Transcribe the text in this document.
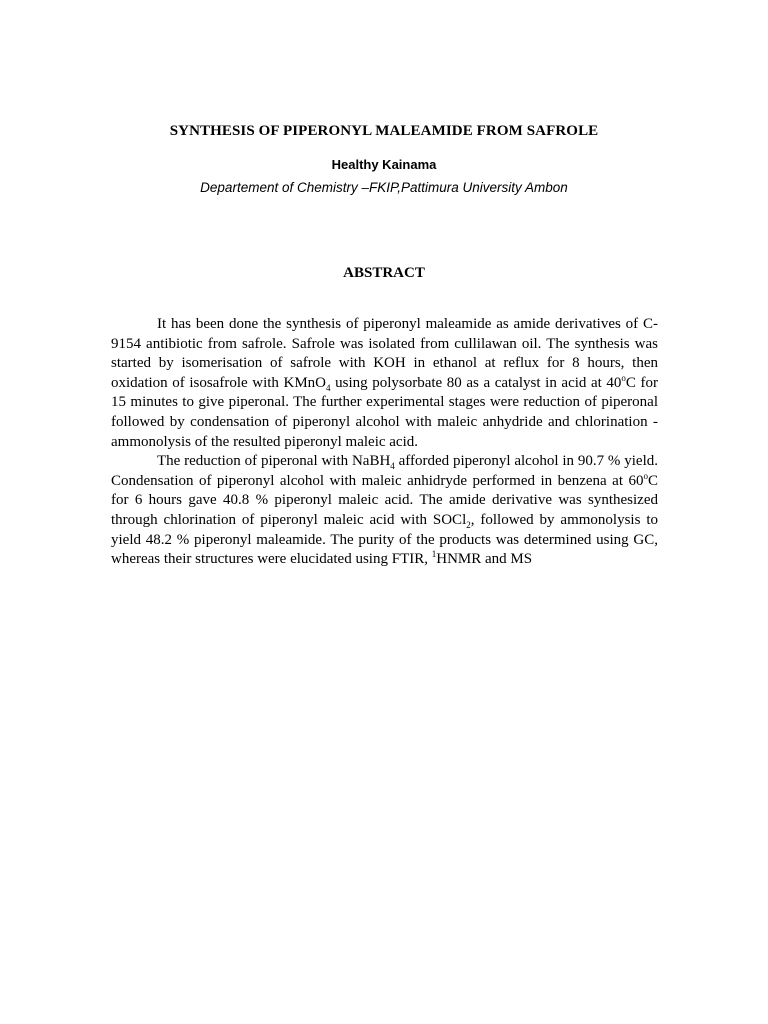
SYNTHESIS OF PIPERONYL MALEAMIDE FROM SAFROLE
Healthy Kainama
Departement of Chemistry –FKIP,Pattimura University Ambon
ABSTRACT

It has been done the synthesis of piperonyl maleamide as amide derivatives of C-9154 antibiotic from safrole. Safrole was isolated from cullilawan oil. The synthesis was started by isomerisation of safrole with KOH in ethanol at reflux for 8 hours, then oxidation of isosafrole with KMnO$_4$ using polysorbate 80 as a catalyst in acid at 40$^o$C for 15 minutes to give piperonal. The further experimental stages were reduction of piperonal followed by condensation of piperonyl alcohol with maleic anhydride and chlorination - ammonolysis of the resulted piperonyl maleic acid.

The reduction of piperonal with NaBH$_4$ afforded piperonyl alcohol in 90.7 % yield. Condensation of piperonyl alcohol with maleic anhidryde performed in benzena at 60$^o$C for 6 hours gave 40.8 % piperonyl maleic acid. The amide derivative was synthesized through chlorination of piperonyl maleic acid with SOCl$_2$, followed by ammonolysis to yield 48.2 % piperonyl maleamide. The purity of the products was determined using GC, whereas their structures were elucidated using FTIR, $^1$HNMR and MS
